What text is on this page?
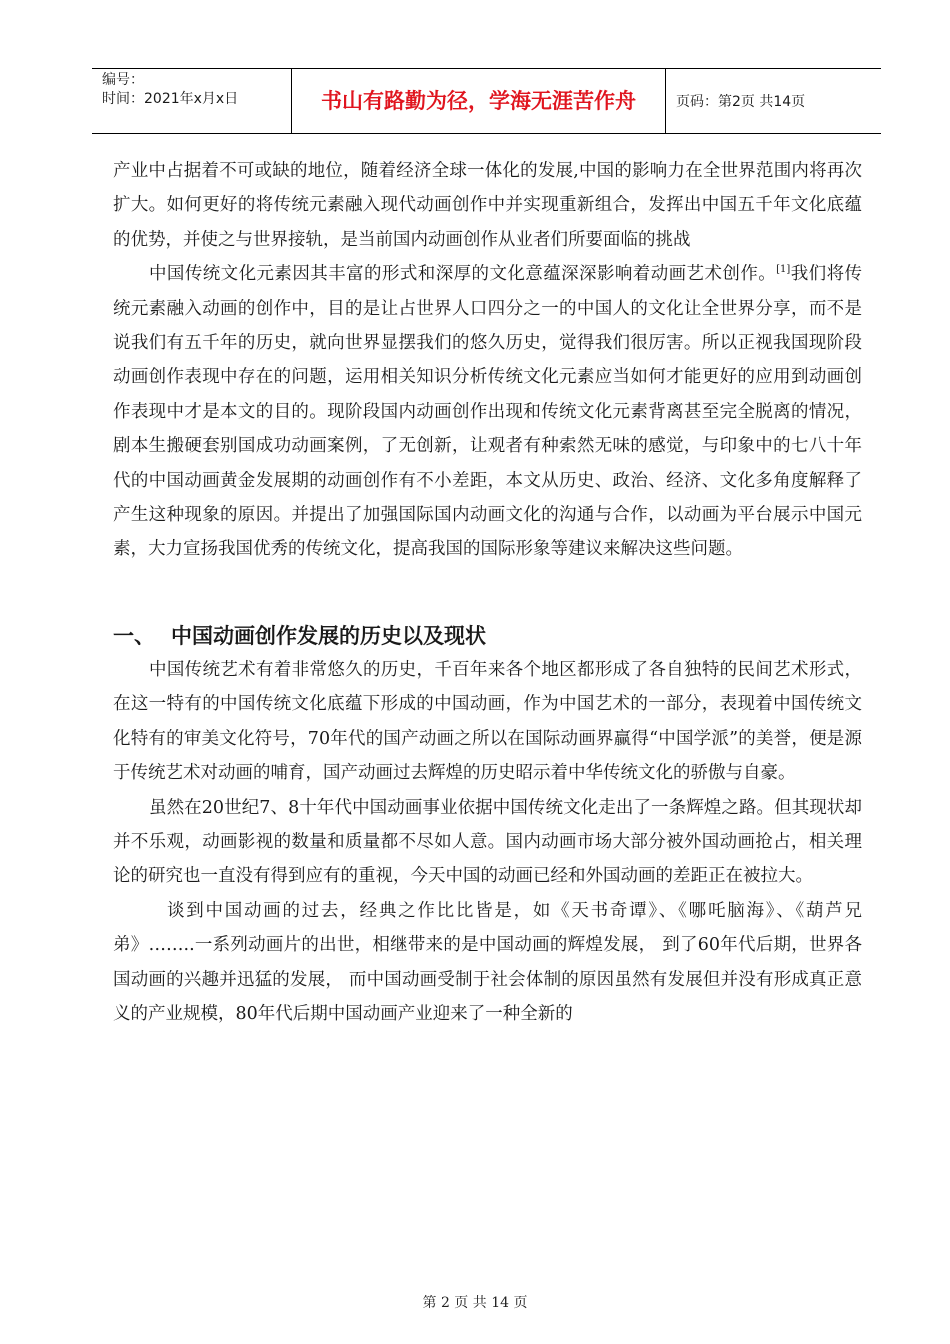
编号：
时间：2021年x月x日	书山有路勤为径，学海无涯苦作舟	页码：第2页 共14页

产业中占据着不可或缺的地位，随着经济全球一体化的发展,中国的影响力在全世界范围内将再次扩大。如何更好的将传统元素融入现代动画创作中并实现重新组合，发挥出中国五千年文化底蕴的优势，并使之与世界接轨，是当前国内动画创作从业者们所要面临的挑战

中国传统文化元素因其丰富的形式和深厚的文化意蕴深深影响着动画艺术创作。[1]我们将传统元素融入动画的创作中，目的是让占世界人口四分之一的中国人的文化让全世界分享，而不是说我们有五千年的历史，就向世界显摆我们的悠久历史，觉得我们很厉害。所以正视我国现阶段动画创作表现中存在的问题，运用相关知识分析传统文化元素应当如何才能更好的应用到动画创作表现中才是本文的目的。现阶段国内动画创作出现和传统文化元素背离甚至完全脱离的情况，剧本生搬硬套别国成功动画案例，了无创新，让观者有种索然无味的感觉，与印象中的七八十年代的中国动画黄金发展期的动画创作有不小差距，本文从历史、政治、经济、文化多角度解释了产生这种现象的原因。并提出了加强国际国内动画文化的沟通与合作，以动画为平台展示中国元素，大力宣扬我国优秀的传统文化，提高我国的国际形象等建议来解决这些问题。

一、 中国动画创作发展的历史以及现状

中国传统艺术有着非常悠久的历史，千百年来各个地区都形成了各自独特的民间艺术形式，在这一特有的中国传统文化底蕴下形成的中国动画，作为中国艺术的一部分，表现着中国传统文化特有的审美文化符号，70年代的国产动画之所以在国际动画界赢得“中国学派”的美誉，便是源于传统艺术对动画的哺育，国产动画过去辉煌的历史昭示着中华传统文化的骄傲与自豪。

虽然在20世纪7、8十年代中国动画事业依据中国传统文化走出了一条辉煌之路。但其现状却并不乐观，动画影视的数量和质量都不尽如人意。国内动画市场大部分被外国动画抢占，相关理论的研究也一直没有得到应有的重视，今天中国的动画已经和外国动画的差距正在被拉大。

谈到中国动画的过去，经典之作比比皆是，如《天书奇谭》、《哪吒脑海》、《葫芦兄弟》……..一系列动画片的出世，相继带来的是中国动画的辉煌发展， 到了60年代后期，世界各国动画的兴趣并迅猛的发展， 而中国动画受制于社会体制的原因虽然有发展但并没有形成真正意义的产业规模，80年代后期中国动画产业迎来了一种全新的

第 2 页 共 14 页
